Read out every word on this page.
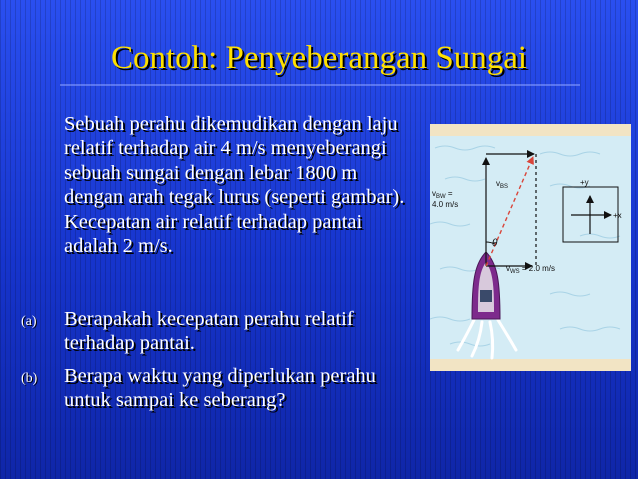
Contoh: Penyeberangan Sungai

Sebuah perahu dikemudikan dengan laju relatif terhadap air 4 m/s menyeberangi sebuah sungai dengan lebar 1800 m dengan arah tegak lurus (seperti gambar). Kecepatan air relatif terhadap pantai adalah 2 m/s.

(a) Berapakah kecepatan perahu relatif terhadap pantai.

(b) Berapa waktu yang diperlukan perahu untuk sampai ke seberang?

$v_{BS}$
$v_{BW}$ =
4.0 m/s
θ
$v_{WS} = 2.0$ m/s
+y
+x
